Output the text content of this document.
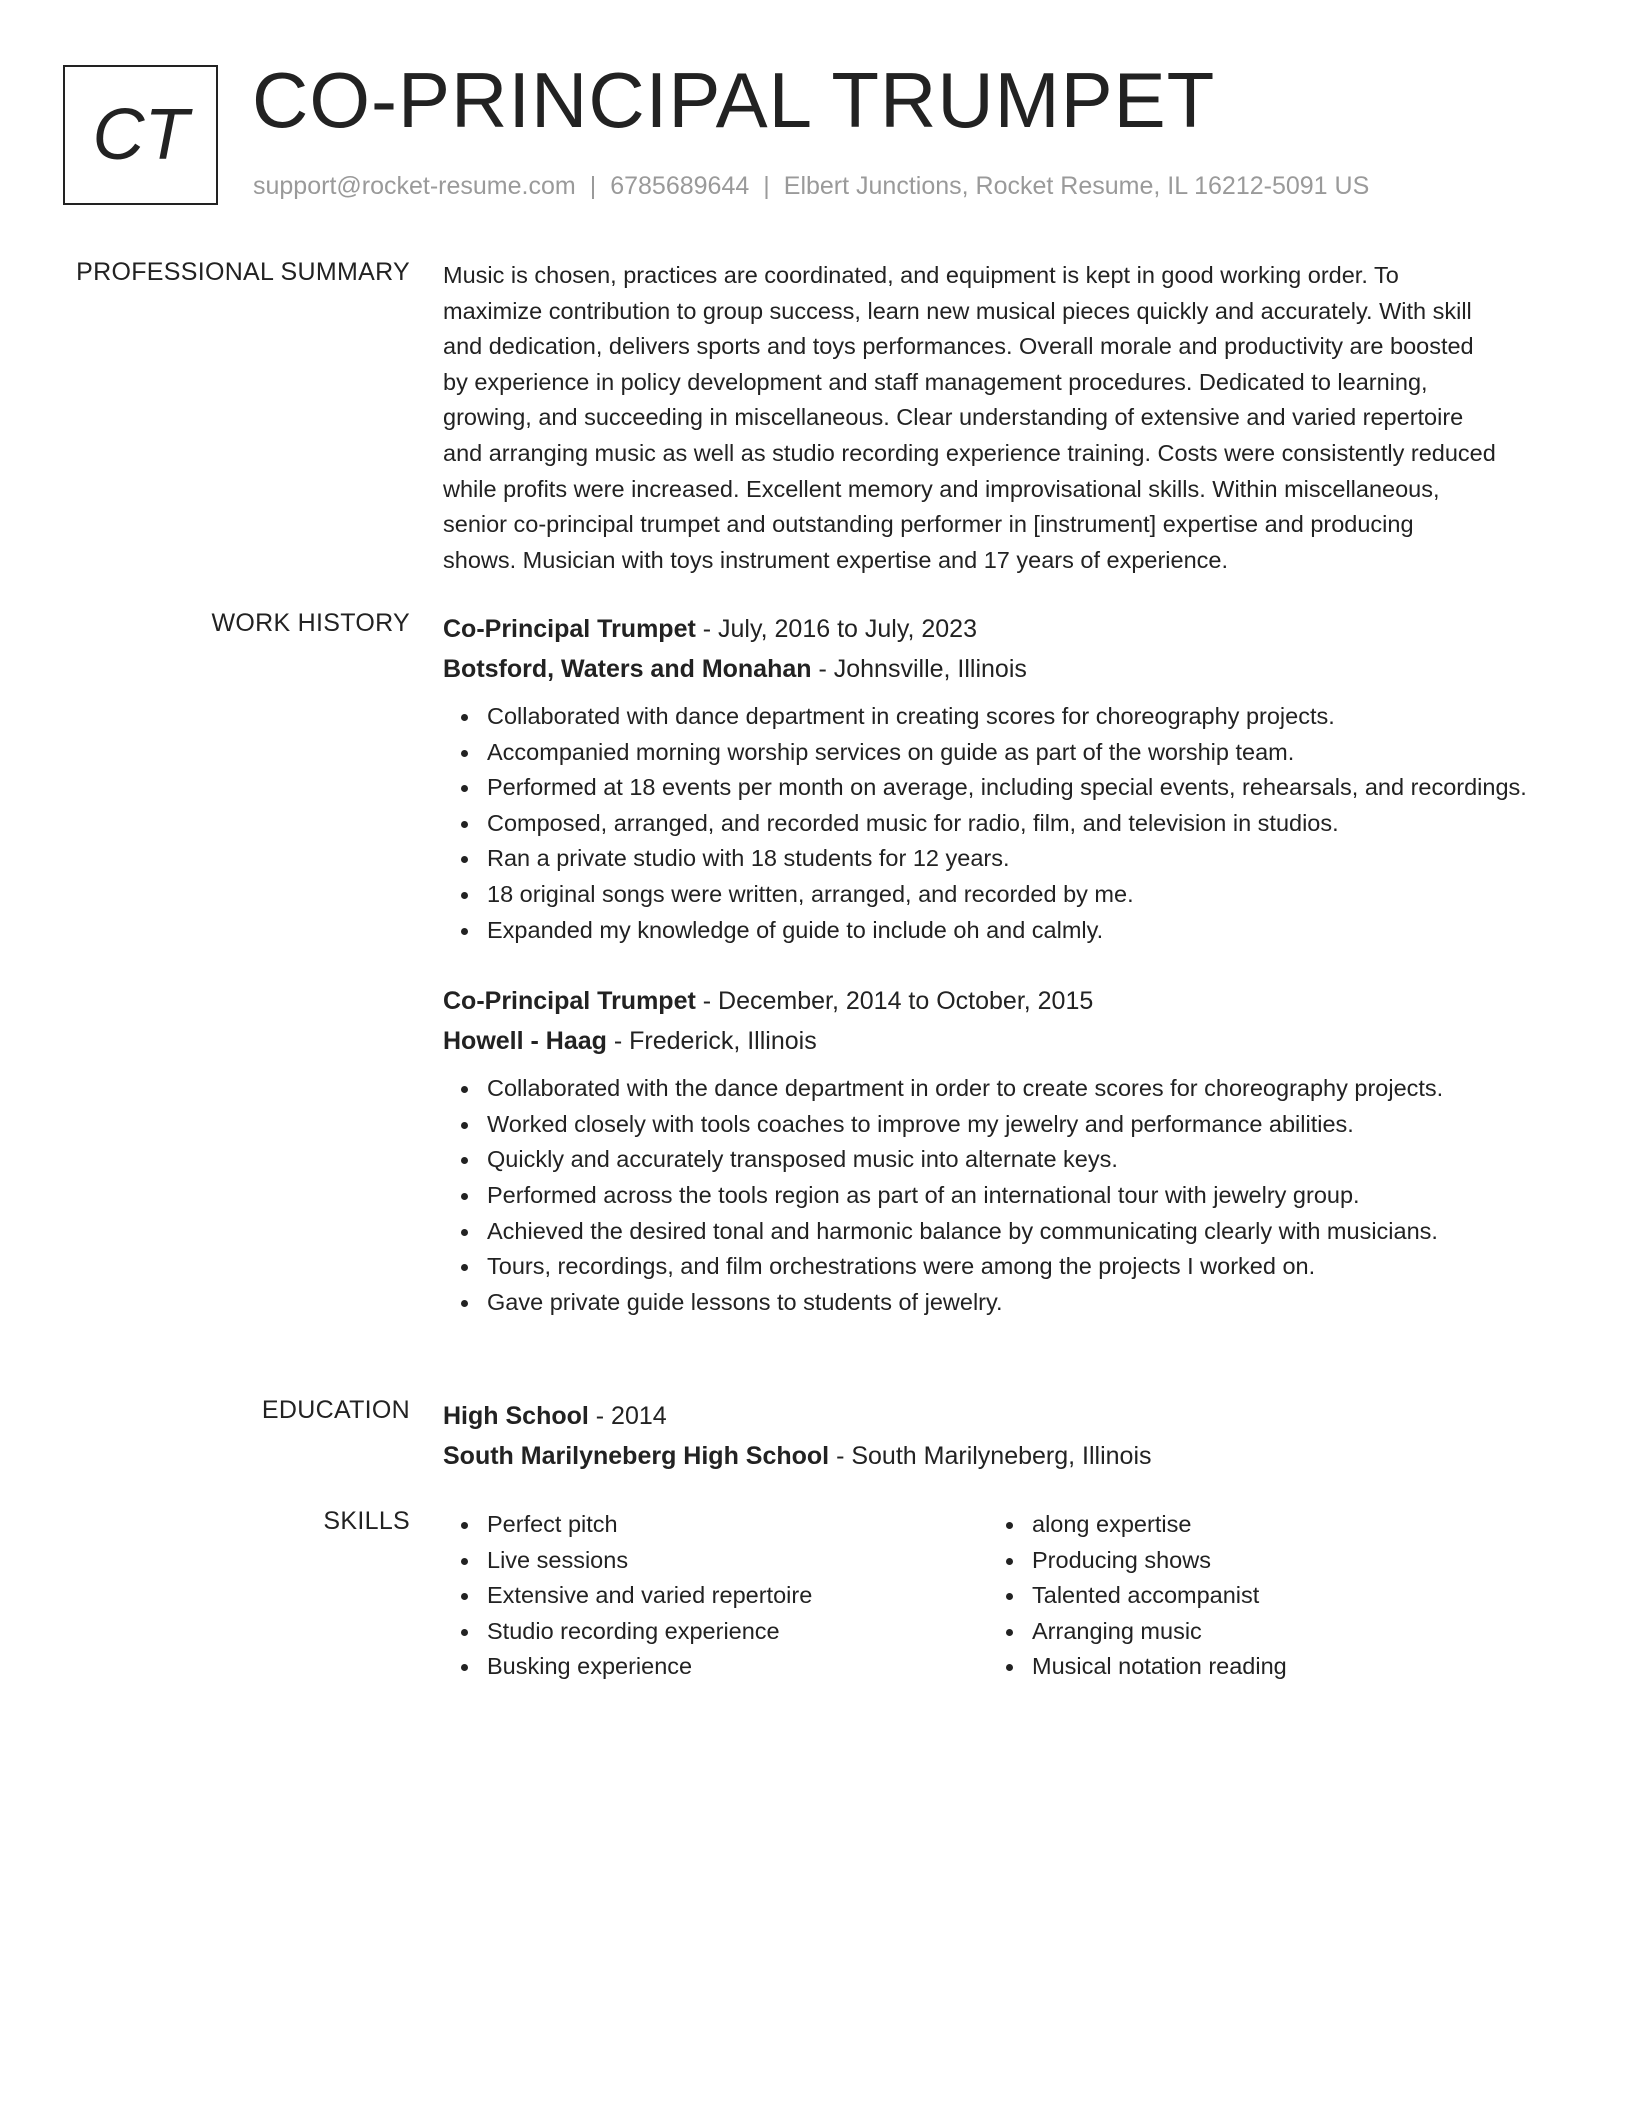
CT CO-PRINCIPAL TRUMPET
support@rocket-resume.com | 6785689644 | Elbert Junctions, Rocket Resume, IL 16212-5091 US
PROFESSIONAL SUMMARY Music is chosen, practices are coordinated, and equipment is kept in good working order. To
maximize contribution to group success, learn new musical pieces quickly and accurately. With skill
and dedication, delivers sports and toys performances. Overall morale and productivity are boosted
by experience in policy development and staff management procedures. Dedicated to learning,
growing, and succeeding in miscellaneous. Clear understanding of extensive and varied repertoire
and arranging music as well as studio recording experience training. Costs were consistently reduced
while profits were increased. Excellent memory and improvisational skills. Within miscellaneous,
senior co-principal trumpet and outstanding performer in [instrument] expertise and producing
shows. Musician with toys instrument expertise and 17 years of experience.

WORK HISTORY Co-Principal Trumpet - July, 2016 to July, 2023
Botsford, Waters and Monahan - Johnsville, Illinois
Collaborated with dance department in creating scores for choreography projects.
Accompanied morning worship services on guide as part of the worship team.
Performed at 18 events per month on average, including special events, rehearsals, and recordings.
Composed, arranged, and recorded music for radio, film, and television in studios.
Ran a private studio with 18 students for 12 years.
18 original songs were written, arranged, and recorded by me.
Expanded my knowledge of guide to include oh and calmly.
Co-Principal Trumpet - December, 2014 to October, 2015
Howell - Haag - Frederick, Illinois
Collaborated with the dance department in order to create scores for choreography projects.
Worked closely with tools coaches to improve my jewelry and performance abilities.
Quickly and accurately transposed music into alternate keys.
Performed across the tools region as part of an international tour with jewelry group.
Achieved the desired tonal and harmonic balance by communicating clearly with musicians.
Tours, recordings, and film orchestrations were among the projects I worked on.
Gave private guide lessons to students of jewelry.
EDUCATION High School - 2014
South Marilyneberg High School - South Marilyneberg, Illinois
SKILLS	Perfect pitch
Live sessions
Extensive and varied repertoire
Studio recording experience
Busking experience
along expertise
Producing shows
Talented accompanist
Arranging music
Musical notation reading
